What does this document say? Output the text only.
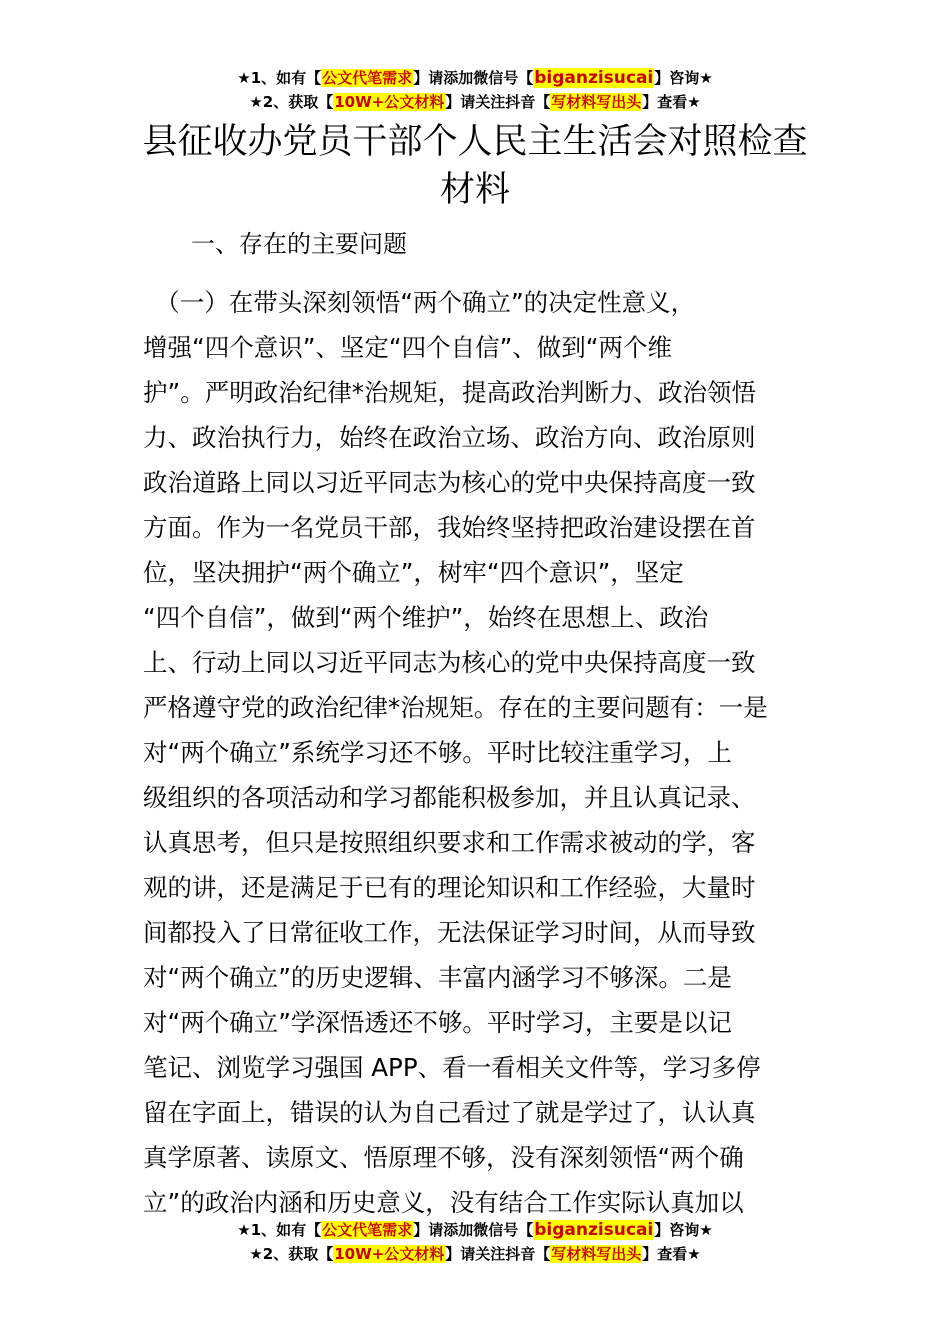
★1、如有【公文代笔需求】请添加微信号【biganzisucai】咨询★
★2、获取【10W+公文材料】请关注抖音【写材料写出头】查看★
县征收办党员干部个人民主生活会对照检查
材料
一、存在的主要问题
　（一）在带头深刻领悟“两个确立”的决定性意义，
增强“四个意识”、坚定“四个自信”、做到“两个维
护”。严明政治纪律*治规矩，提高政治判断力、政治领悟
力、政治执行力，始终在政治立场、政治方向、政治原则
政治道路上同以习近平同志为核心的党中央保持高度一致
方面。作为一名党员干部，我始终坚持把政治建设摆在首
位，坚决拥护“两个确立”，树牢“四个意识”，坚定
“四个自信”，做到“两个维护”，始终在思想上、政治
上、行动上同以习近平同志为核心的党中央保持高度一致
严格遵守党的政治纪律*治规矩。存在的主要问题有：一是
对“两个确立”系统学习还不够。平时比较注重学习，上
级组织的各项活动和学习都能积极参加，并且认真记录、
认真思考，但只是按照组织要求和工作需求被动的学，客
观的讲，还是满足于已有的理论知识和工作经验，大量时
间都投入了日常征收工作，无法保证学习时间，从而导致
对“两个确立”的历史逻辑、丰富内涵学习不够深。二是
对“两个确立”学深悟透还不够。平时学习，主要是以记
笔记、浏览学习强国 APP、看一看相关文件等，学习多停
留在字面上，错误的认为自己看过了就是学过了，认认真
真学原著、读原文、悟原理不够，没有深刻领悟“两个确
立”的政治内涵和历史意义，没有结合工作实际认真加以
★1、如有【公文代笔需求】请添加微信号【biganzisucai】咨询★
★2、获取【10W+公文材料】请关注抖音【写材料写出头】查看★
